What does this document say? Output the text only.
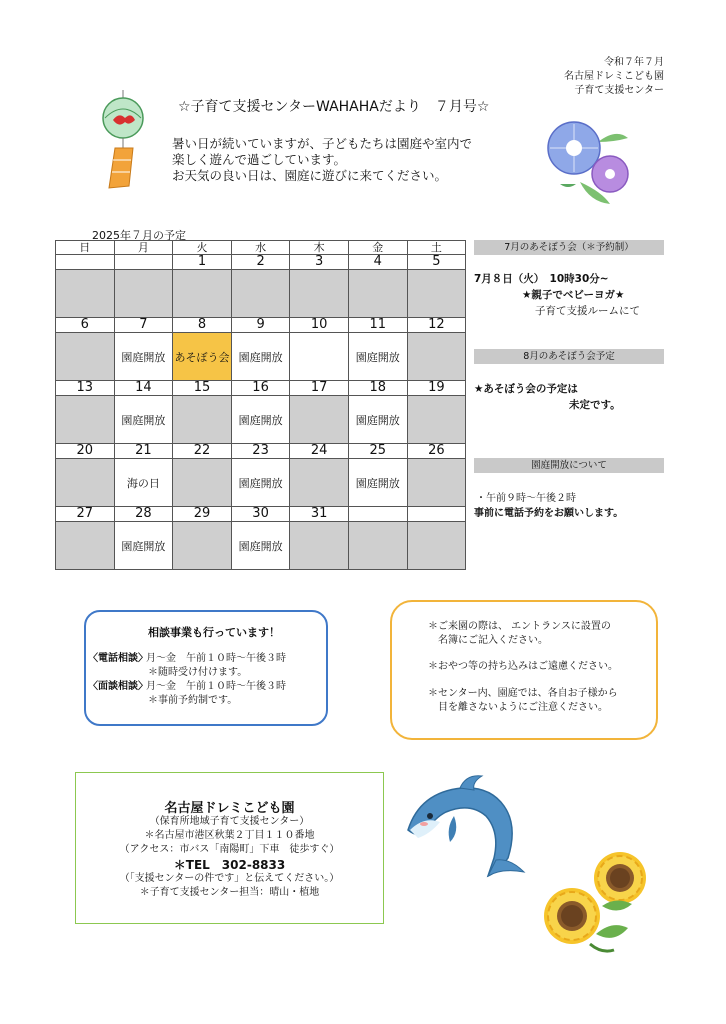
令和７年７月
名古屋ドレミこども園
子育て支援センター
☆子育て支援センターWAHAHAだより　７月号☆
暑い日が続いていますが、子どもたちは園庭や室内で
楽しく遊んで過ごしています。
お天気の良い日は、園庭に遊びに来てください。
2025年７月の予定
日	月	火	水	木	金	土
		1	2	3	4	5

6	7	8	9	10	11	12
	園庭開放	あそぼう会	園庭開放		園庭開放	
13	14	15	16	17	18	19
	園庭開放		園庭開放		園庭開放	
20	21	22	23	24	25	26
	海の日		園庭開放		園庭開放	
27	28	29	30	31		
	園庭開放		園庭開放			
7月のあそぼう会（＊予約制）
7月８日（火）　10時30分~
★親子でベビーヨガ★
子育て支援ルームにて
8月のあそぼう会予定
★あそぼう会の予定は
未定です。
園庭開放について
・午前９時～午後２時
事前に電話予約をお願いします。
相談事業も行っています！
〈電話相談〉
月～金　午前１０時～午後３時
＊随時受け付けます。
〈面談相談〉
月～金　午前１０時～午後３時
＊事前予約制です。
＊ご来園の際は、 エントランスに設置の
名簿にご記入ください。
＊おやつ等の持ち込みはご遠慮ください。
＊センター内、園庭では、各自お子様から
目を離さないようにご注意ください。
名古屋ドレミこども園
（保育所地域子育て支援センター）
＊名古屋市港区秋葉２丁目１１０番地
（アクセス：市バス「南陽町」下車　徒歩すぐ）
＊TEL　302-8833
（「支援センターの件です」と伝えてください。）
＊子育て支援センター担当：晴山・植地
